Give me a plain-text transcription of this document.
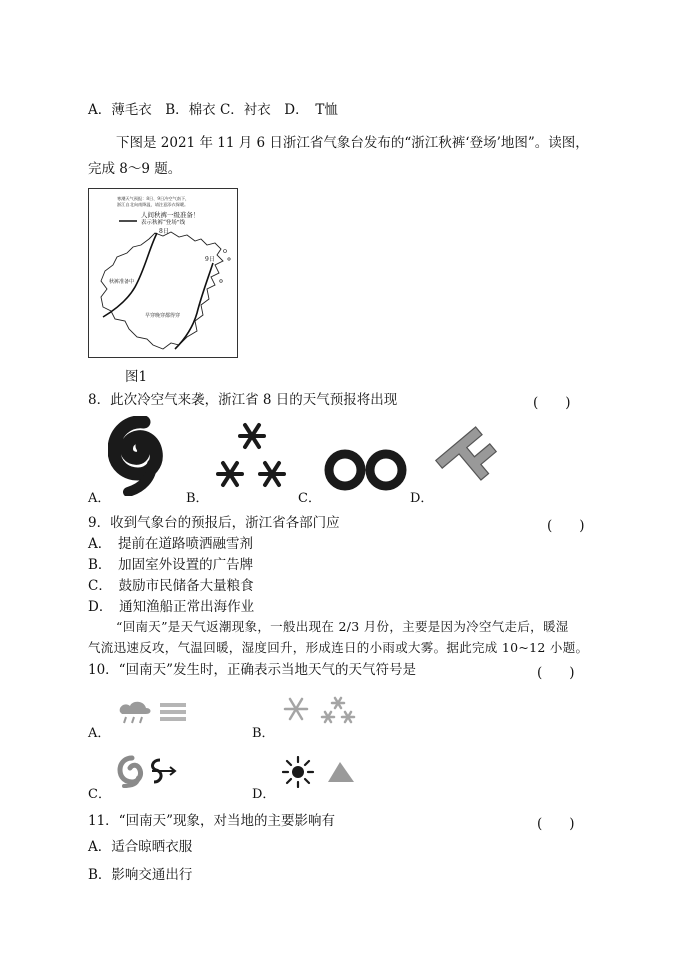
A．薄毛衣　B．棉衣 C．衬衣　D．　T恤
下图是 2021 年 11 月 6 日浙江省气象台发布的“浙江秋裤‘登场’地图”。读图，
完成 8～9 题。
寒潮天气预报：8日、9日冷空气南下，
浙江自北向南降温，请注意添衣保暖。
人间秋裤一级准备！
表示秋裤“登场”线
8日
9日
秋裤准备中
早穿晚穿都得穿
图1
8．此次冷空气来袭，浙江省 8 日的天气预报将出现	(　　)
A．	B．	C．	D．
9．收到气象台的预报后，浙江省各部门应	(　　)
A．　提前在道路喷洒融雪剂
B．　加固室外设置的广告牌
C．　鼓励市民储备大量粮食
D．　通知渔船正常出海作业
“回南天”是天气返潮现象，一般出现在 2/3 月份，主要是因为冷空气走后，暖湿
气流迅速反攻，气温回暖，湿度回升，形成连日的小雨或大雾。据此完成 10~12 小题。
10．“回南天”发生时，正确表示当地天气的天气符号是	(　　)
A．	B．
C．	D．
11．“回南天”现象，对当地的主要影响有	(　　)
A．适合晾晒衣服
B．影响交通出行
